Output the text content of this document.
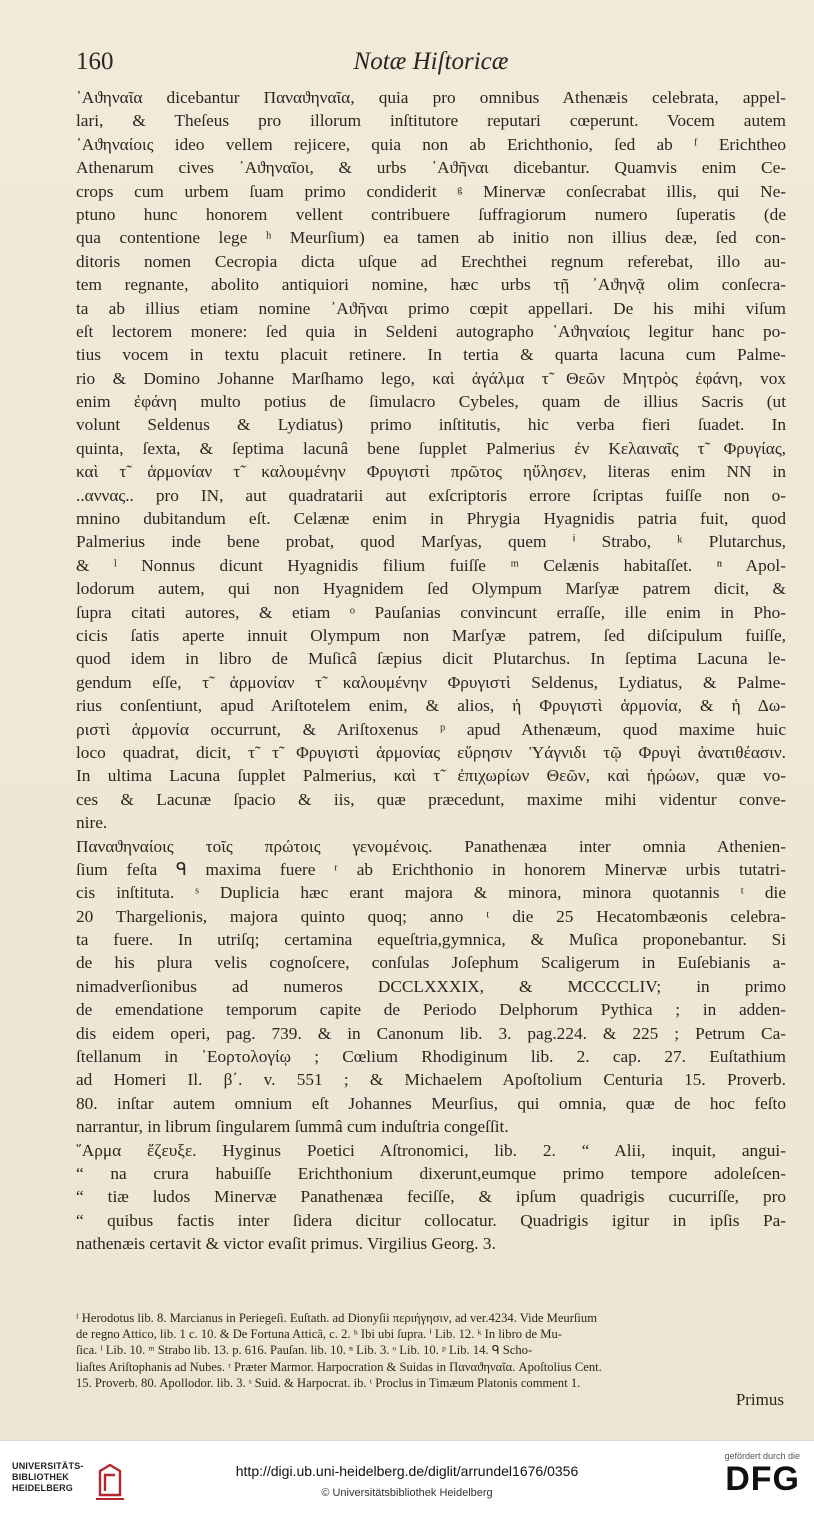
160	Notæ Hiſtoricæ
᾿Αϑηναῖα dicebantur Παναϑηναῖα, quia pro omnibus Athenæis celebrata, appel-
lari, & Theſeus pro illorum inſtitutore reputari cœperunt. Vocem autem
᾿Αϑηναίοις ideo vellem rejicere, quia non ab Erichthonio, ſed ab ᶠ Erichtheo
Athenarum cives ᾿Αϑηναῖοι, & urbs ᾿Αϑῆναι dicebantur. Quamvis enim Ce-
crops cum urbem ſuam primo condiderit ᵍ Minervæ conſecrabat illis, qui Ne-
ptuno hunc honorem vellent contribuere ſuffragiorum numero ſuperatis (de
qua contentione lege ʰ Meurſium) ea tamen ab initio non illius deæ, ſed con-
ditoris nomen Cecropia dicta uſque ad Erechthei regnum referebat, illo au-
tem regnante, abolito antiquiori nomine, hæc urbs τῇ ᾿Αϑηνᾷ olim conſecra-
ta ab illius etiam nomine ᾿Αϑῆναι primo cœpit appellari. De his mihi viſum
eſt lectorem monere: ſed quia in Seldeni autographo ᾿Αϑηναίοις legitur hanc po-
tius vocem in textu placuit retinere. In tertia & quarta lacuna cum Palme-
rio & Domino Johanne Marſhamo lego, καὶ ἀγάλμα τ̃ Θεῶν Μητρὸς ἐφάνη, vox
enim ἐφάνη multo potius de ſimulacro Cybeles, quam de illius Sacris (ut
volunt Seldenus & Lydiatus) primo inſtitutis, hic verba fieri ſuadet. In
quinta, ſexta, & ſeptima lacunâ bene ſupplet Palmerius ἐν Κελαιναῖς τ̃ Φρυγίας,
καὶ τ̃ ἁρμονίαν τ̃ καλουμένην Φρυγιστὶ πρῶτος ηὔλησεν, literas enim NN in
..αννας.. pro IN, aut quadratarii aut exſcriptoris errore ſcriptas fuiſſe non o-
mnino dubitandum eſt. Celænæ enim in Phrygia Hyagnidis patria fuit, quod
Palmerius inde bene probat, quod Marſyas, quem ⁱ Strabo, ᵏ Plutarchus,
& ˡ Nonnus dicunt Hyagnidis filium fuiſſe ᵐ Celænis habitaſſet. ⁿ Apol-
lodorum autem, qui non Hyagnidem ſed Olympum Marſyæ patrem dicit, &
ſupra citati autores, & etiam ᵒ Pauſanias convincunt erraſſe, ille enim in Pho-
cicis ſatis aperte innuit Olympum non Marſyæ patrem, ſed diſcipulum fuiſſe,
quod idem in libro de Muſicâ ſæpius dicit Plutarchus. In ſeptima Lacuna le-
gendum eſſe, τ̃ ἁρμονίαν τ̃ καλουμένην Φρυγιστὶ Seldenus, Lydiatus, & Palme-
rius conſentiunt, apud Ariſtotelem enim, & alios, ἡ Φρυγιστὶ ἁρμονία, & ἡ Δω-
ριστὶ ἁρμονία occurrunt, & Ariſtoxenus ᵖ apud Athenæum, quod maxime huic
loco quadrat, dicit, τ̃ τ̃ Φρυγιστὶ ἁρμονίας εὕρησιν Ὑάγνιδι τῷ Φρυγὶ ἀνατιθέασιν.
In ultima Lacuna ſupplet Palmerius, καὶ τ̃ ἐπιχωρίων Θεῶν, καὶ ἡρώων, quæ vo-
ces & Lacunæ ſpacio & iis, quæ præcedunt, maxime mihi videntur conve-
nire.
Παναϑηναίοις τοῖς πρώτοις γενομένοις. Panathenæa inter omnia Athenien-
ſium feſta ᑫ maxima fuere ʳ ab Erichthonio in honorem Minervæ urbis tutatri-
cis inſtituta. ˢ Duplicia hæc erant majora & minora, minora quotannis ᵗ die
20 Thargelionis, majora quinto quoq; anno ᵗ die 25 Hecatombæonis celebra-
ta fuere. In utriſq; certamina equeſtria,gymnica, & Muſica proponebantur. Si
de his plura velis cognoſcere, conſulas Joſephum Scaligerum in Euſebianis a-
nimadverſionibus ad numeros DCCLXXXIX, & MCCCCLIV; in primo
de emendatione temporum capite de Periodo Delphorum Pythica ; in adden-
dis eidem operi, pag. 739. & in Canonum lib. 3. pag.224. & 225 ; Petrum Ca-
ſtellanum in ᾿Εορτολογίῳ ; Cœlium Rhodiginum lib. 2. cap. 27. Euſtathium
ad Homeri Il. β΄. v. 551 ; & Michaelem Apoſtolium Centuria 15. Proverb.
80. inſtar autem omnium eſt Johannes Meurſius, qui omnia, quæ de hoc feſto
narrantur, in librum ſingularem ſummâ cum induſtria congeſſit.
῞Αρμα ἔζευξε. Hyginus Poetici Aſtronomici, lib. 2. “ Alii, inquit, angui-
“ na crura habuiſſe Erichthonium dixerunt,eumque primo tempore adoleſcen-
“ tiæ ludos Minervæ Panathenæa feciſſe, & ipſum quadrigis cucurriſſe, pro
“ quibus factis inter ſidera dicitur collocatur. Quadrigis igitur in ipſis Pa-
nathenæis certavit & victor evaſit primus. Virgilius Georg. 3.
ᶠ Herodotus lib. 8. Marcianus in Periegeſi. Euſtath. ad Dionyſii περιήγησιν, ad ver.4234. Vide Meurſium
de regno Attico, lib. 1 c. 10. & De Fortuna Atticâ, c. 2. ʰ Ibi ubi ſupra. ⁱ Lib. 12. ᵏ In libro de Mu-
ſica. ˡ Lib. 10. ᵐ Strabo lib. 13. p. 616. Pauſan. lib. 10. ⁿ Lib. 3. ᵒ Lib. 10. ᵖ Lib. 14. ᑫ Scho-
liaſtes Ariſtophanis ad Nubes. ʳ Præter Marmor. Harpocration & Suidas in Παναϑηναῖα. Apoſtolius Cent.
15. Proverb. 80. Apollodor. lib. 3. ˢ Suid. & Harpocrat. ib. ᵗ Proclus in Timæum Platonis comment 1.
Primus
UNIVERSITÄTS-
BIBLIOTHEK
HEIDELBERG
http://digi.ub.uni-heidelberg.de/diglit/arrundel1676/0356
© Universitätsbibliothek Heidelberg
gefördert durch die
DFG
